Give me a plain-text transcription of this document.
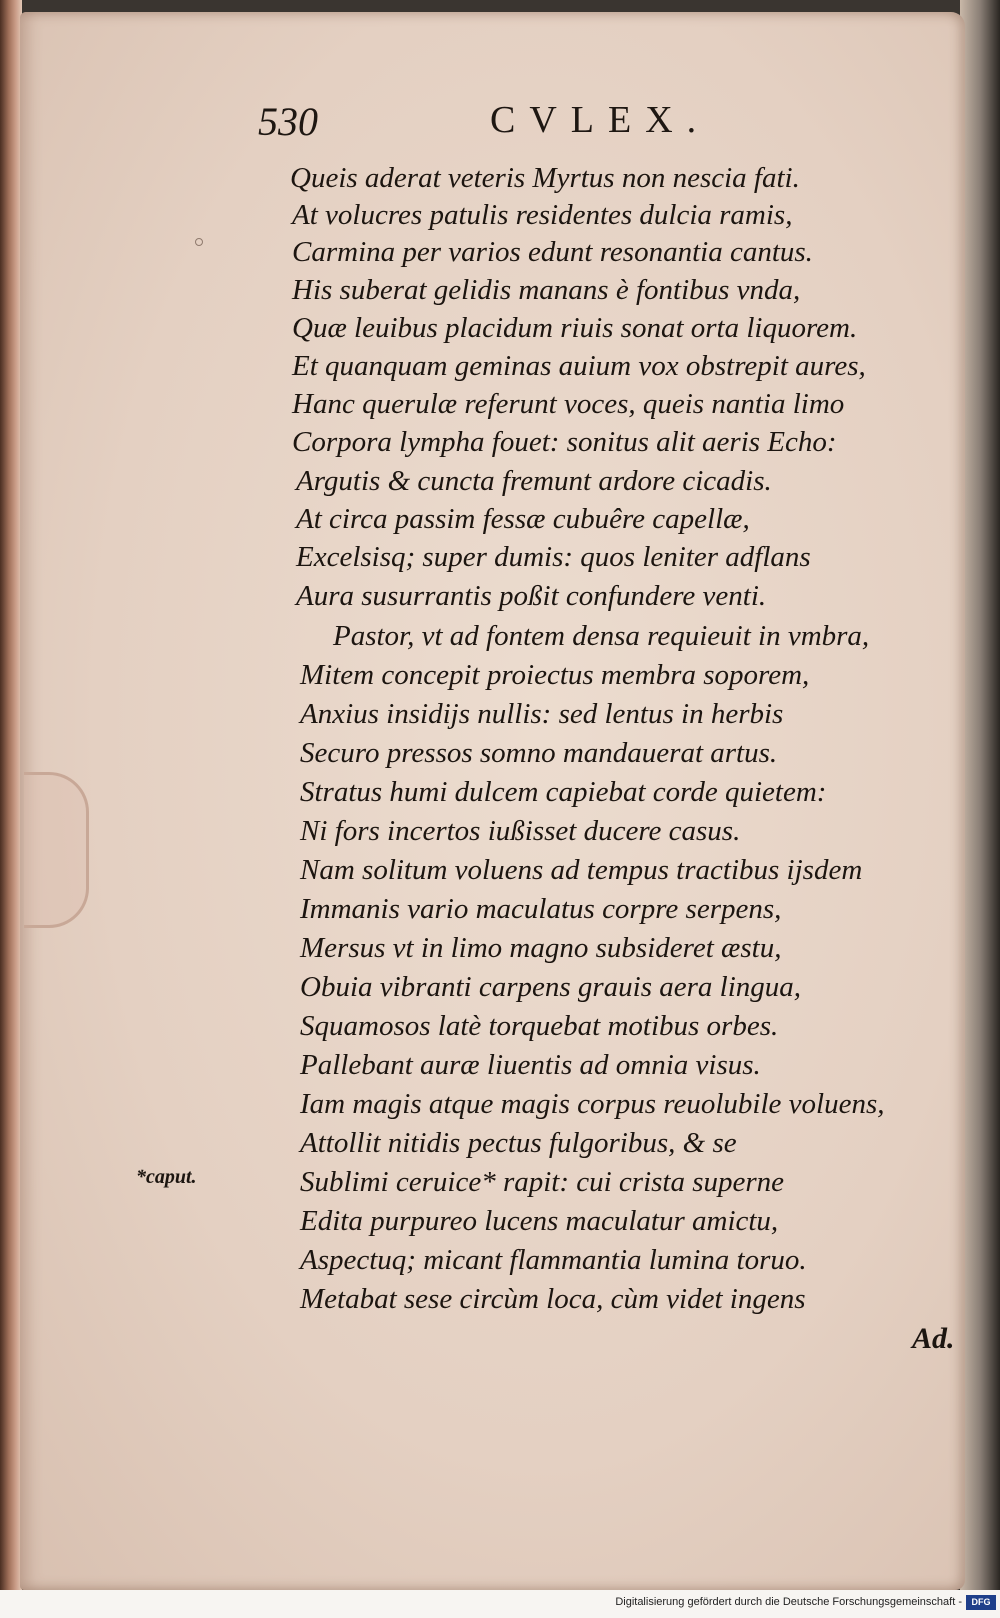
530	CVLEX.
Queis aderat veteris Myrtus non nescia fati.
At volucres patulis residentes dulcia ramis,
Carmina per varios edunt resonantia cantus.
His suberat gelidis manans è fontibus vnda,
Quæ leuibus placidum riuis sonat orta liquorem.
Et quanquam geminas auium vox obstrepit aures,
Hanc querulæ referunt voces, queis nantia limo
Corpora lympha fouet: sonitus alit aeris Echo:
Argutis & cuncta fremunt ardore cicadis.
At circa passim fessæ cubuêre capellæ,
Excelsisq; super dumis: quos leniter adflans
Aura susurrantis poßit confundere venti.
Pastor, vt ad fontem densa requieuit in vmbra,
Mitem concepit proiectus membra soporem,
Anxius insidijs nullis: sed lentus in herbis
Securo pressos somno mandauerat artus.
Stratus humi dulcem capiebat corde quietem:
Ni fors incertos iußisset ducere casus.
Nam solitum voluens ad tempus tractibus ijsdem
Immanis vario maculatus corpre serpens,
Mersus vt in limo magno subsideret æstu,
Obuia vibranti carpens grauis aera lingua,
Squamosos latè torquebat motibus orbes.
Pallebant auræ liuentis ad omnia visus.
Iam magis atque magis corpus reuolubile voluens,
Attollit nitidis pectus fulgoribus, & se
Sublimi ceruice* rapit: cui crista superne
Edita purpureo lucens maculatur amictu,
Aspectuq; micant flammantia lumina toruo.
Metabat sese circùm loca, cùm videt ingens
*caput.
Ad.
Digitalisierung gefördert durch die Deutsche Forschungsgemeinschaft -	DFG
